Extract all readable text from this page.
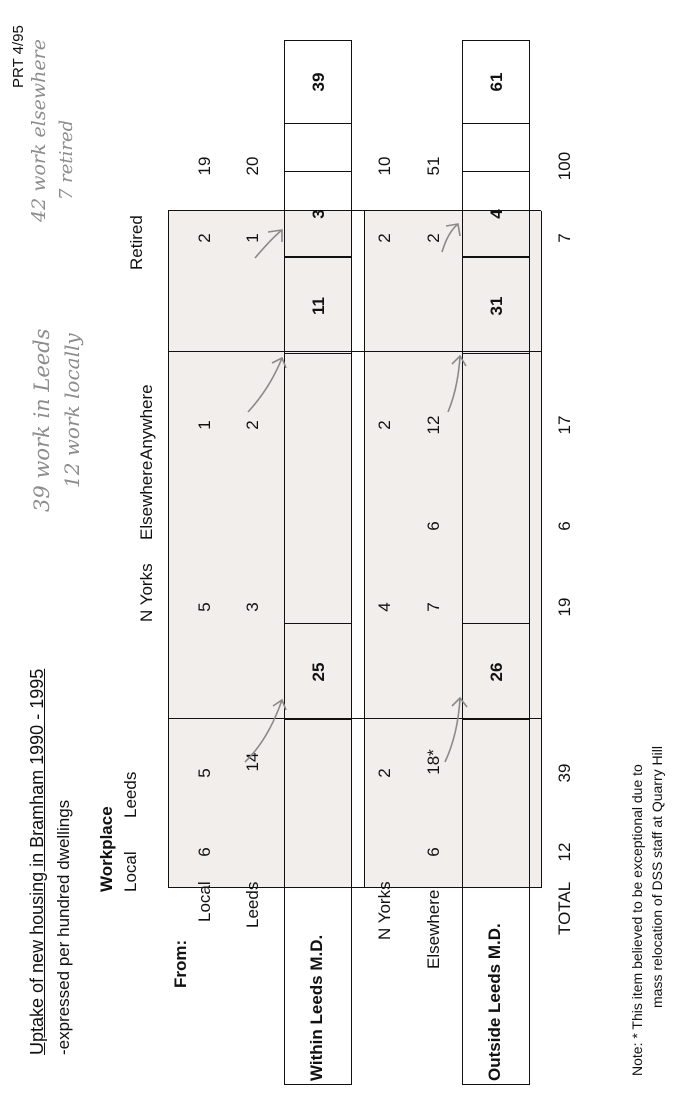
PRT 4/95
Uptake of new housing in Bramham 1990 - 1995 -expressed per hundred dwellings
39 work in Leeds 12 work locally
42 work elsewhere 7 retired
Workplace Local
Leeds
N Yorks
Elsewhere
Anywhere
Retired
From:
Local
6
5
5
1
2
19
Leeds
14
3
2
1
20
Within Leeds M.D.
25
11
3
39
N Yorks
2
4
2
2
10
Elsewhere
6
18*
7
6
12
2
51
Outside Leeds M.D.
26
31
4
61
TOTAL
12
39
19
6
17
7
100
Note: * This item believed to be exceptional due to mass relocation of DSS staff at Quarry Hill
